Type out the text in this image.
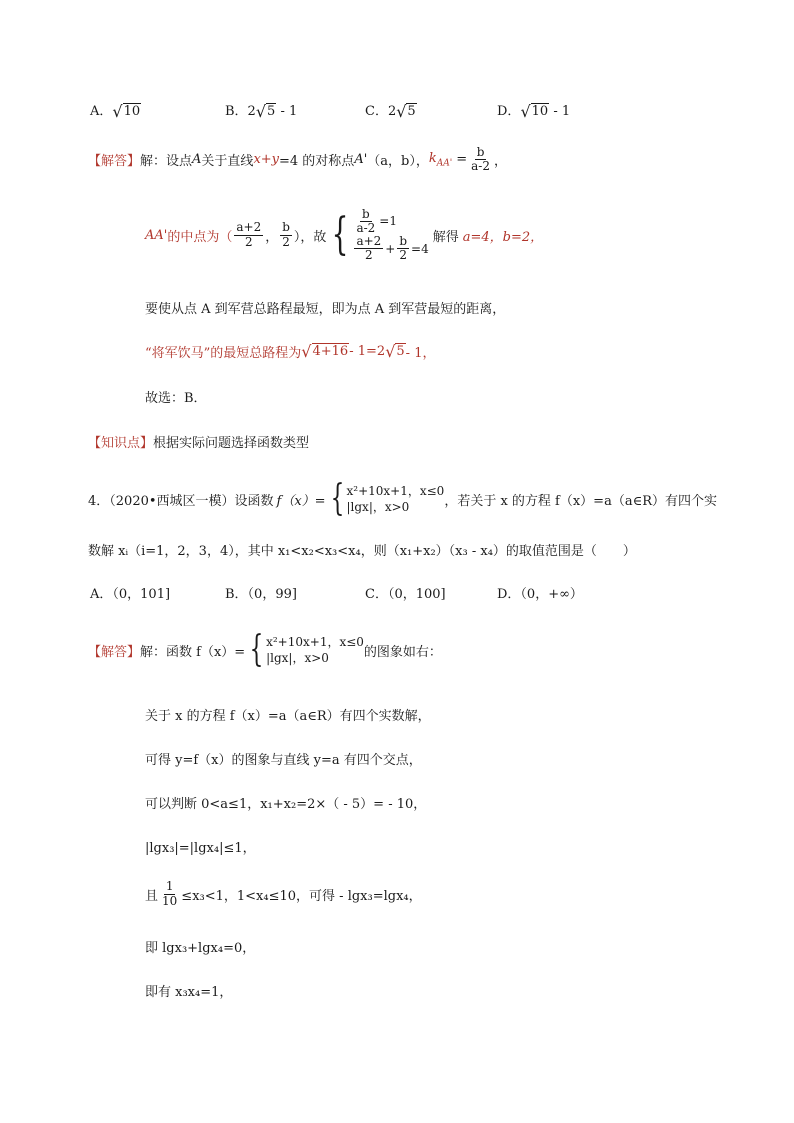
A． √ 10	B．2 √ 5 - 1	C．2 √ 5	D． √ 10 - 1
【解答】 解：设点 A 关于直线 x+y =4 的对称点 A' （a，b）， $k_{AA'} = \frac{b}{a-2}$ ，
AA' 的中点为（ $\frac{a+2}{2}$ ， $\frac{b}{2}$ ），故 { $\frac{b}{a-2} =1$
$\frac{a+2}{2} + \frac{b}{2} =4$
解得 a=4， b=2，
要使从点 A 到军营总路程最短，即为点 A 到军营最短的距离，
“将军饮马”的最短总路程为 √ 4+16 - 1=2 √ 5 - 1，
故选：B．
【知识点】根据实际问题选择函数类型
4．（2020•西城区一模）设函数 f（x）= { x²+10x+1，x≤0
|lgx|，x>0	，若关于 x 的方程 f（x）=a（a∈R）有四个实
数解 xᵢ（i=1，2，3，4），其中 x₁<x₂<x₃<x₄，则（x₁+x₂）（x₃ - x₄）的取值范围是（　　）
A．（0，101]	B．（0，99]	C．（0，100]	D．（0，+∞）
【解答】 解：函数 f（x）= { x²+10x+1，x≤0
|lgx|，x>0	的图象如右：
关于 x 的方程 f（x）=a（a∈R）有四个实数解，
可得 y=f（x）的图象与直线 y=a 有四个交点，
可以判断 0<a≤1，x₁+x₂=2×（ - 5）= - 10，
|lgx₃|=|lgx₄|≤1，
且 $\frac{1}{10} \le x_3<1$，1<x₄≤10，可得 - lgx₃=lgx₄，
即 lgx₃+lgx₄=0，
即有 x₃x₄=1，
